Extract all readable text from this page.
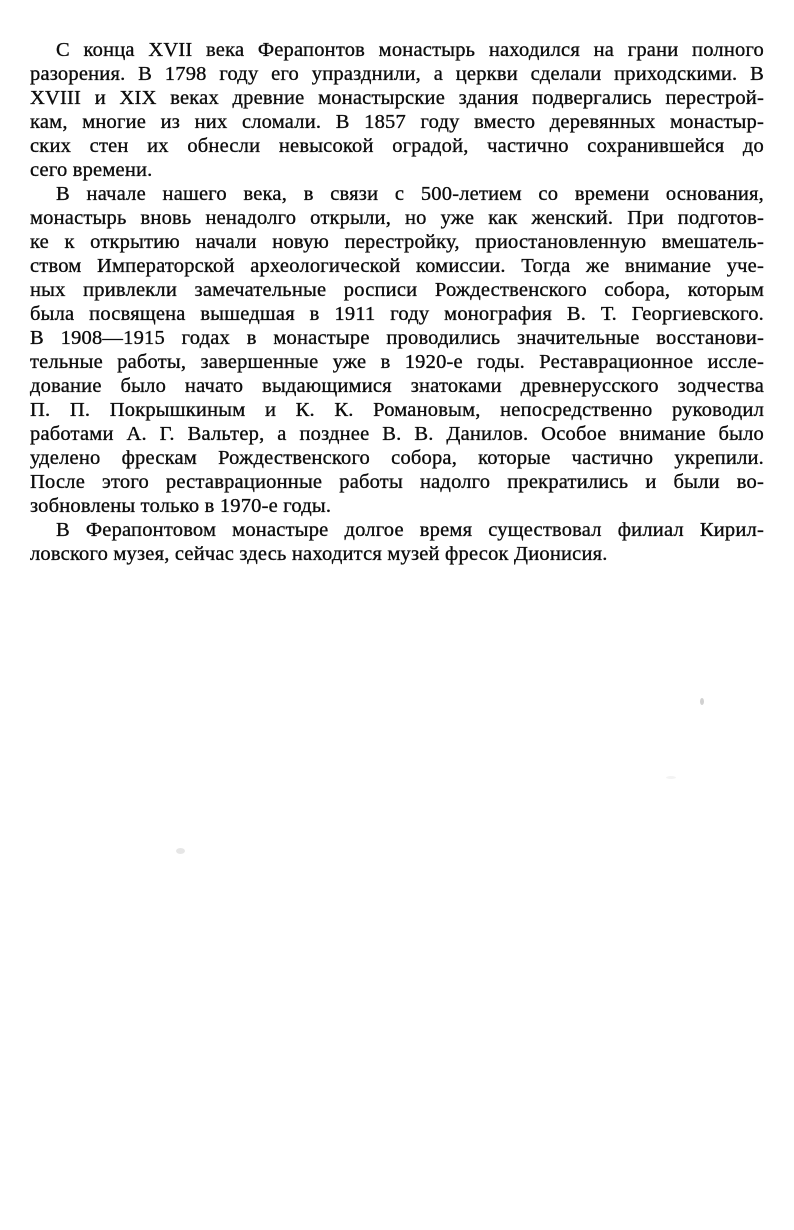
С конца XVII века Ферапонтов монастырь находился на грани полного
разорения. В 1798 году его упразднили, а церкви сделали приходскими. В
XVIII и XIX веках древние монастырские здания подвергались перестрой-
кам, многие из них сломали. В 1857 году вместо деревянных монастыр-
ских стен их обнесли невысокой оградой, частично сохранившейся до
сего времени.

В начале нашего века, в связи с 500-летием со времени основания,
монастырь вновь ненадолго открыли, но уже как женский. При подготов-
ке к открытию начали новую перестройку, приостановленную вмешатель-
ством Императорской археологической комиссии. Тогда же внимание уче-
ных привлекли замечательные росписи Рождественского собора, которым
была посвящена вышедшая в 1911 году монография В. Т. Георгиевского.
В 1908—1915 годах в монастыре проводились значительные восстанови-
тельные работы, завершенные уже в 1920-е годы. Реставрационное иссле-
дование было начато выдающимися знатоками древнерусского зодчества
П. П. Покрышкиным и К. К. Романовым, непосредственно руководил
работами А. Г. Вальтер, а позднее В. В. Данилов. Особое внимание было
уделено фрескам Рождественского собора, которые частично укрепили.
После этого реставрационные работы надолго прекратились и были во-
зобновлены только в 1970-е годы.

В Ферапонтовом монастыре долгое время существовал филиал Кирил-
ловского музея, сейчас здесь находится музей фресок Дионисия.
